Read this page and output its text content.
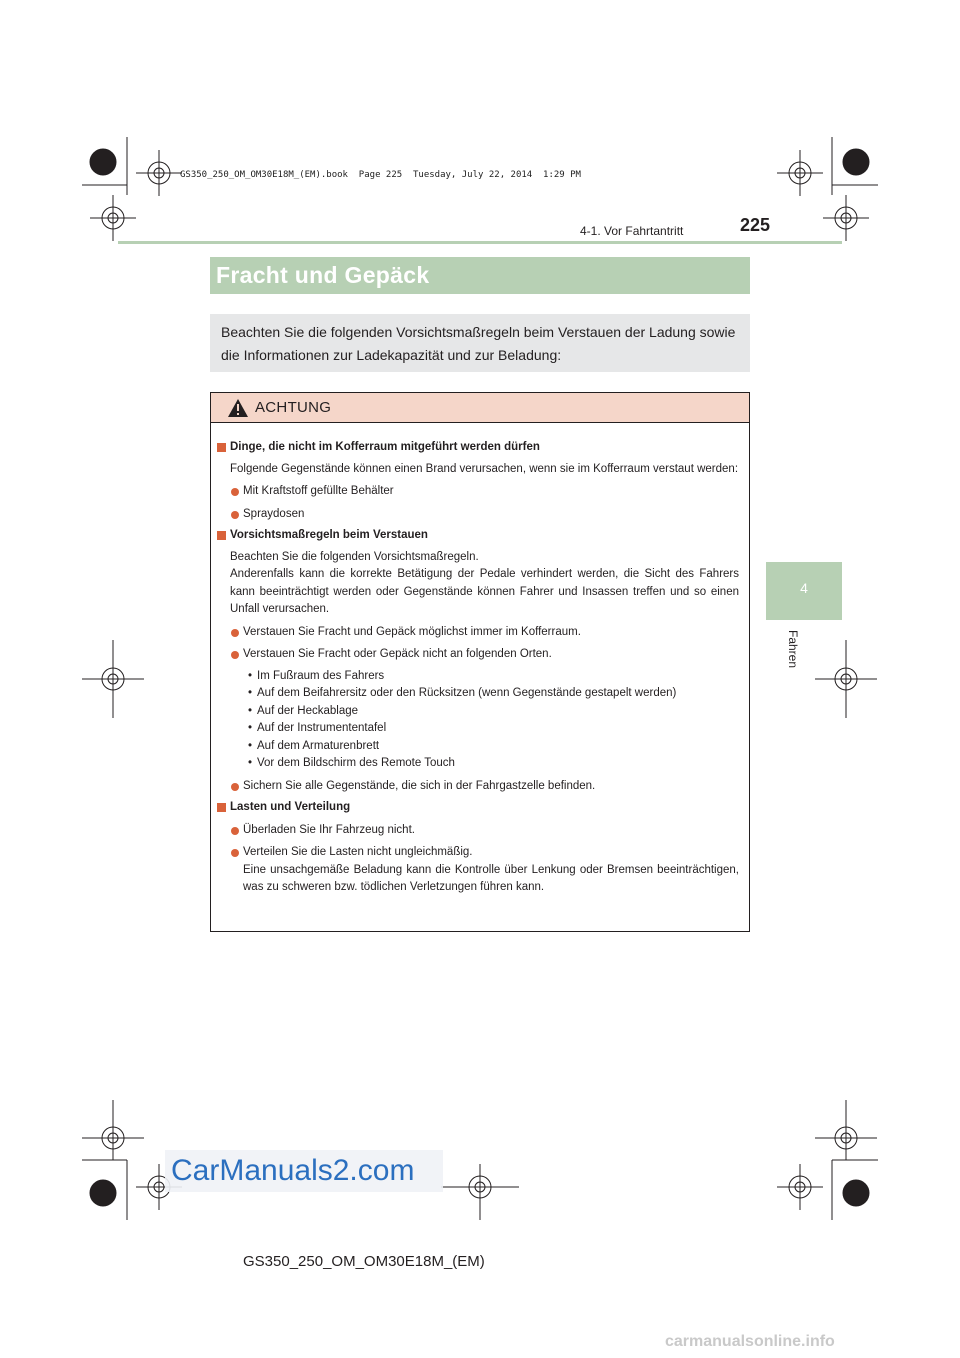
GS350_250_OM_OM30E18M_(EM).book  Page 225  Tuesday, July 22, 2014  1:29 PM
4-1. Vor Fahrtantritt	225
4
Fahren
Fracht und Gepäck
Beachten Sie die folgenden Vorsichtsmaßregeln beim Verstauen der Ladung sowie die Informationen zur Ladekapazität und zur Beladung:
ACHTUNG
Dinge, die nicht im Kofferraum mitgeführt werden dürfen
Folgende Gegenstände können einen Brand verursachen, wenn sie im Kofferraum verstaut werden:
Mit Kraftstoff gefüllte Behälter
Spraydosen
Vorsichtsmaßregeln beim Verstauen
Beachten Sie die folgenden Vorsichtsmaßregeln.
Anderenfalls kann die korrekte Betätigung der Pedale verhindert werden, die Sicht des Fahrers kann beeinträchtigt werden oder Gegenstände können Fahrer und Insassen treffen und so einen Unfall verursachen.
Verstauen Sie Fracht und Gepäck möglichst immer im Kofferraum.
Verstauen Sie Fracht oder Gepäck nicht an folgenden Orten.
• Im Fußraum des Fahrers
• Auf dem Beifahrersitz oder den Rücksitzen (wenn Gegenstände gestapelt werden)
• Auf der Heckablage
• Auf der Instrumententafel
• Auf dem Armaturenbrett
• Vor dem Bildschirm des Remote Touch
Sichern Sie alle Gegenstände, die sich in der Fahrgastzelle befinden.
Lasten und Verteilung
Überladen Sie Ihr Fahrzeug nicht.
Verteilen Sie die Lasten nicht ungleichmäßig.
Eine unsachgemäße Beladung kann die Kontrolle über Lenkung oder Bremsen beeinträchtigen, was zu schweren bzw. tödlichen Verletzungen führen kann.
CarManuals2.com
GS350_250_OM_OM30E18M_(EM)
carmanualsonline.info
